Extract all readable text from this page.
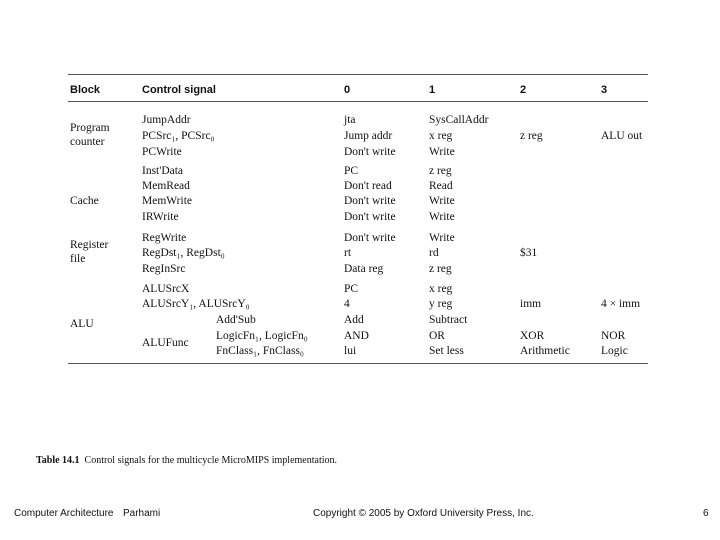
Block	Control signal	0	1	2	3
Program
counter
JumpAddr	jta	SysCallAddr
PCSrc₁, PCSrc₀	Jump addr	x reg	z reg	ALU out
PCWrite	Don't write	Write
Cache
Inst'Data	PC	z reg
MemRead	Don't read	Read
MemWrite	Don't write	Write
IRWrite	Don't write	Write
Register
file
RegWrite	Don't write	Write
RegDst₁, RegDst₀	rt	rd	$31
RegInSrc	Data reg	z reg
ALU
ALUSrcX	PC	x reg
ALUSrcY₁, ALUSrcY₀	4	y reg	imm	4 × imm
ALUFunc
Add'Sub	Add	Subtract
LogicFn₁, LogicFn₀	AND	OR	XOR	NOR
FnClass₁, FnClass₀	lui	Set less	Arithmetic	Logic
Table 14.1 Control signals for the multicycle MicroMIPS implementation.
Computer Architecture Parhami	Copyright © 2005 by Oxford University Press, Inc.	6
